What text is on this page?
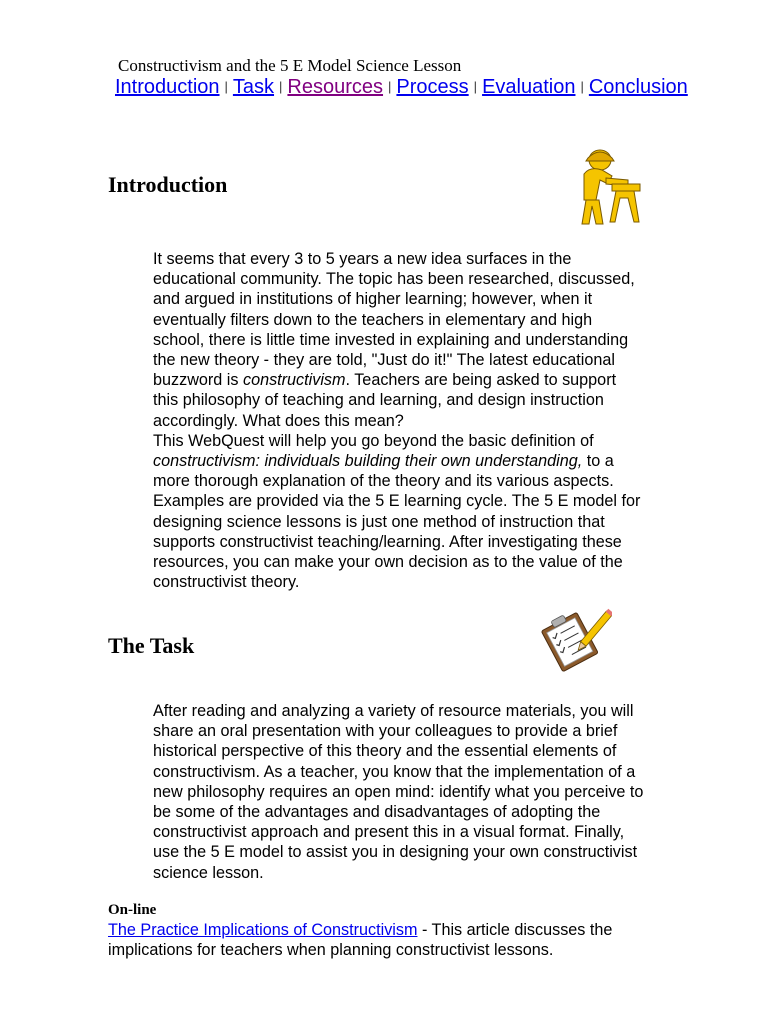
Constructivism and the 5 E Model Science Lesson
Introduction | Task | Resources | Process | Evaluation | Conclusion
Introduction
It seems that every 3 to 5 years a new idea surfaces in the
educational community. The topic has been researched, discussed,
and argued in institutions of higher learning; however, when it
eventually filters down to the teachers in elementary and high
school, there is little time invested in explaining and understanding
the new theory - they are told, "Just do it!" The latest educational
buzzword is constructivism. Teachers are being asked to support
this philosophy of teaching and learning, and design instruction
accordingly. What does this mean?
This WebQuest will help you go beyond the basic definition of
constructivism: individuals building their own understanding, to a
more thorough explanation of the theory and its various aspects.
Examples are provided via the 5 E learning cycle. The 5 E model for
designing science lessons is just one method of instruction that
supports constructivist teaching/learning. After investigating these
resources, you can make your own decision as to the value of the
constructivist theory.
The Task
After reading and analyzing a variety of resource materials, you will
share an oral presentation with your colleagues to provide a brief
historical perspective of this theory and the essential elements of
constructivism. As a teacher, you know that the implementation of a
new philosophy requires an open mind: identify what you perceive to
be some of the advantages and disadvantages of adopting the
constructivist approach and present this in a visual format. Finally,
use the 5 E model to assist you in designing your own constructivist
science lesson.
On-line
The Practice Implications of Constructivism - This article discusses the
implications for teachers when planning constructivist lessons.
